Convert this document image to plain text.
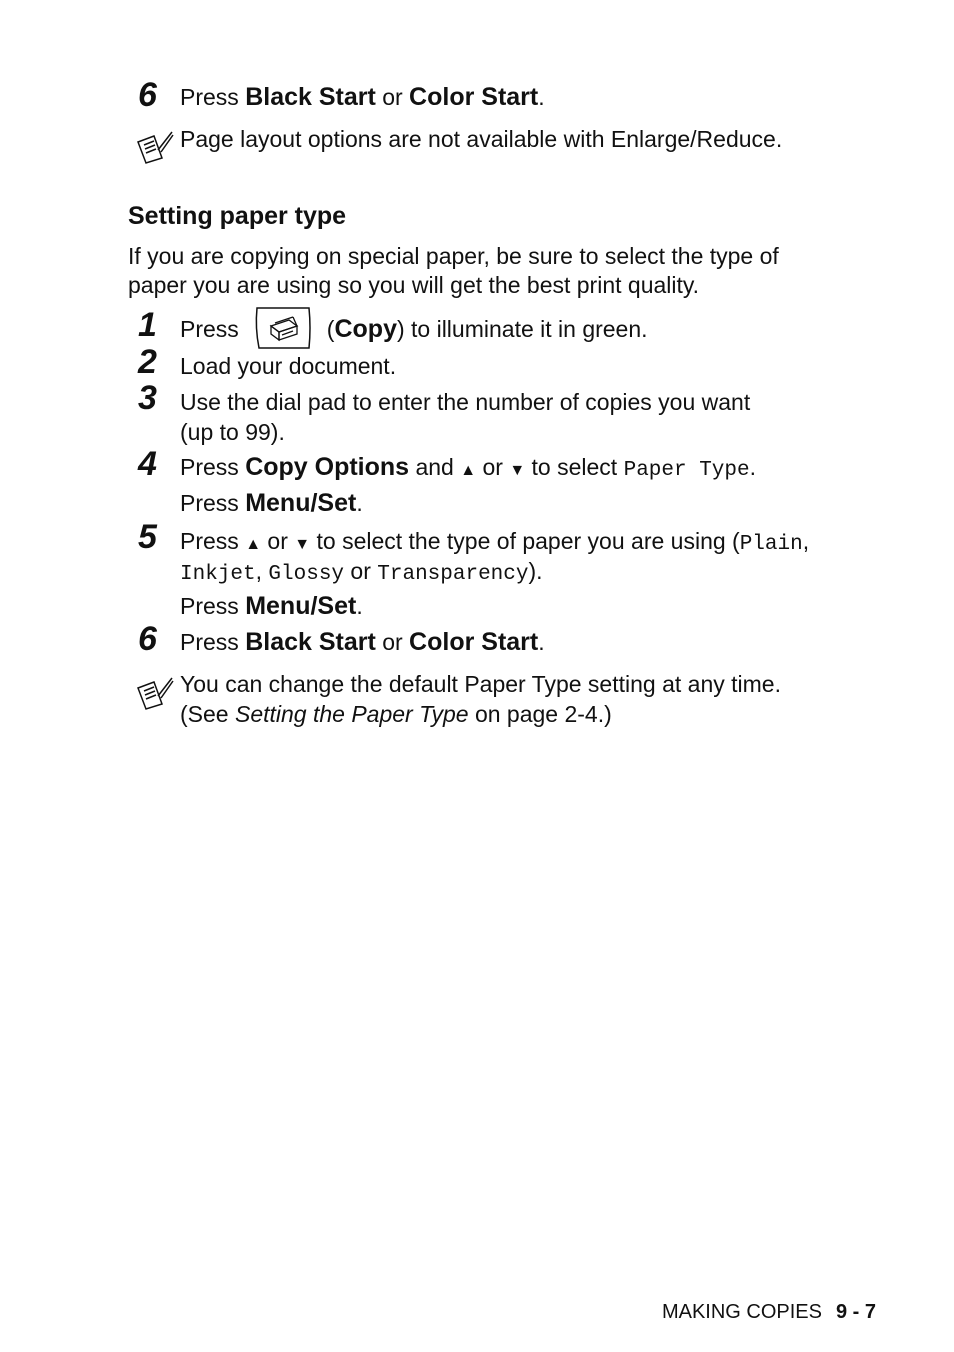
6 Press Black Start or Color Start.
Page layout options are not available with Enlarge/Reduce.
Setting paper type
If you are copying on special paper, be sure to select the type of
paper you are using so you will get the best print quality.
1 Press	(Copy) to illuminate it in green.
2 Load your document.
3 Use the dial pad to enter the number of copies you want
(up to 99).
4 Press Copy Options and ▲ or ▼ to select Paper Type.
Press Menu/Set.
5 Press ▲ or ▼ to select the type of paper you are using (Plain,
Inkjet, Glossy or Transparency).
Press Menu/Set.
6 Press Black Start or Color Start.
You can change the default Paper Type setting at any time.
(See Setting the Paper Type on page 2-4.)
MAKING COPIES 9 - 7
